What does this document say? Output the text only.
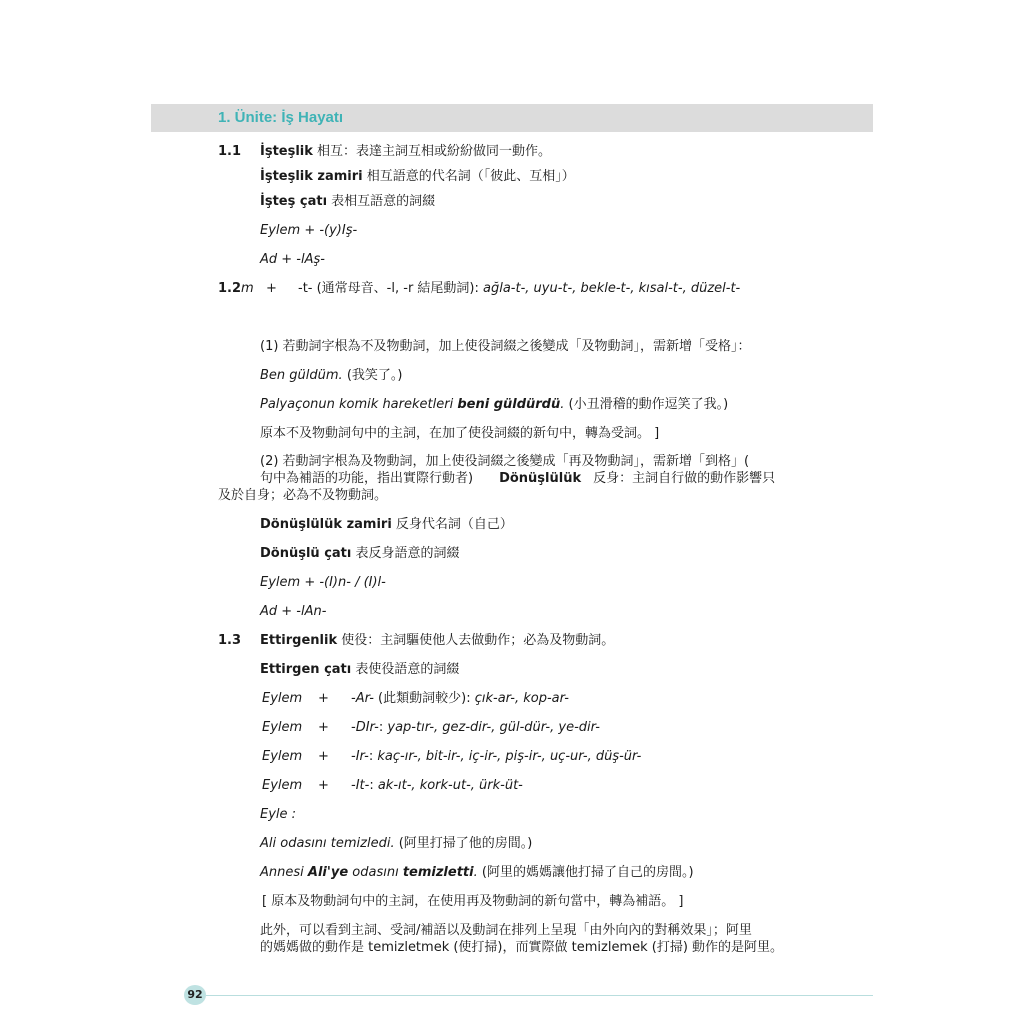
1. Ünite: İş Hayatı
1.1 İşteşlik 相互：表達主詞互相或紛紛做同一動作。
İşteşlik zamiri 相互語意的代名詞（「彼此、互相」）
İşteş çatı 表相互語意的詞綴
Eylem + -(y)Iş-
Ad + -lAş-
1.2m + -t- (通常母音、-l, -r 結尾動詞): ağla-t-, uyu-t-, bekle-t-, kısal-t-, düzel-t-
(1) 若動詞字根為不及物動詞，加上使役詞綴之後變成「及物動詞」，需新增「受格」：
Ben güldüm. (我笑了。)
Palyaçonun komik hareketleri beni güldürdü. (小丑滑稽的動作逗笑了我。)
原本不及物動詞句中的主詞，在加了使役詞綴的新句中，轉為受詞。 ]
(2) 若動詞字根為及物動詞，加上使役詞綴之後變成「再及物動詞」，需新增「到格」(
句中為補語的功能，指出實際行動者) Dönüşlülük 反身：主詞自行做的動作影響只
及於自身；必為不及物動詞。
Dönüşlülük zamiri 反身代名詞（自己）
Dönüşlü çatı 表反身語意的詞綴
Eylem + -(I)n- / (I)l-
Ad + -lAn-
1.3 Ettirgenlik 使役：主詞驅使他人去做動作；必為及物動詞。
Ettirgen çatı 表使役語意的詞綴
Eylem + -Ar- (此類動詞較少): çık-ar-, kop-ar-
Eylem + -DIr-: yap-tır-, gez-dir-, gül-dür-, ye-dir-
Eylem + -Ir-: kaç-ır-, bit-ir-, iç-ir-, piş-ir-, uç-ur-, düş-ür-
Eylem + -It-: ak-ıt-, kork-ut-, ürk-üt-
Eyle :
Ali odasını temizledi. (阿里打掃了他的房間。)
Annesi Ali'ye odasını temizletti. (阿里的媽媽讓他打掃了自己的房間。)
[ 原本及物動詞句中的主詞，在使用再及物動詞的新句當中，轉為補語。 ]
此外，可以看到主詞、受詞/補語以及動詞在排列上呈現「由外向內的對稱效果」；阿里
的媽媽做的動作是 temizletmek (使打掃)，而實際做 temizlemek (打掃) 動作的是阿里。
92
